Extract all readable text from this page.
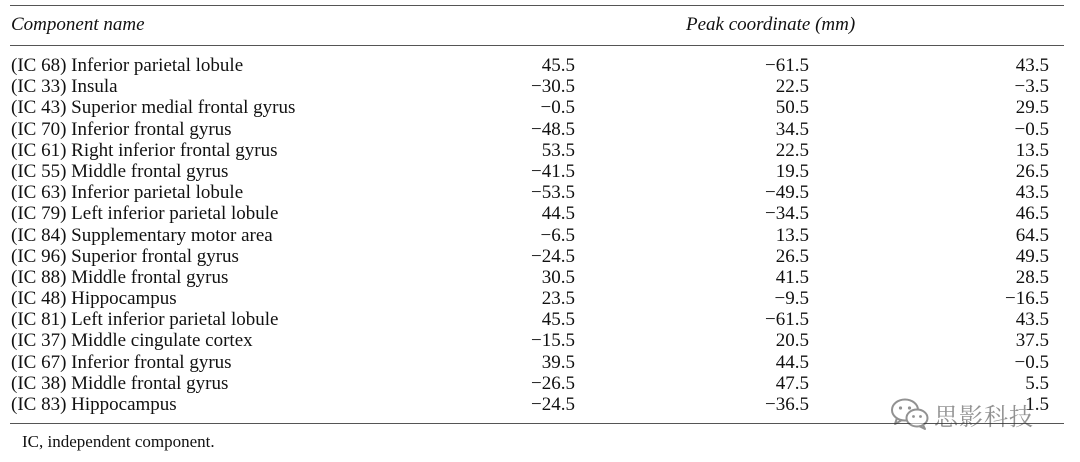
Component name	Peak coordinate (mm)
(IC 68) Inferior parietal lobule	45.5	−61.5	43.5
(IC 33) Insula	−30.5	22.5	−3.5
(IC 43) Superior medial frontal gyrus	−0.5	50.5	29.5
(IC 70) Inferior frontal gyrus	−48.5	34.5	−0.5
(IC 61) Right inferior frontal gyrus	53.5	22.5	13.5
(IC 55) Middle frontal gyrus	−41.5	19.5	26.5
(IC 63) Inferior parietal lobule	−53.5	−49.5	43.5
(IC 79) Left inferior parietal lobule	44.5	−34.5	46.5
(IC 84) Supplementary motor area	−6.5	13.5	64.5
(IC 96) Superior frontal gyrus	−24.5	26.5	49.5
(IC 88) Middle frontal gyrus	30.5	41.5	28.5
(IC 48) Hippocampus	23.5	−9.5	−16.5
(IC 81) Left inferior parietal lobule	45.5	−61.5	43.5
(IC 37) Middle cingulate cortex	−15.5	20.5	37.5
(IC 67) Inferior frontal gyrus	39.5	44.5	−0.5
(IC 38) Middle frontal gyrus	−26.5	47.5	5.5
(IC 83) Hippocampus	−24.5	−36.5	1.5
IC, independent component.
思影科技
